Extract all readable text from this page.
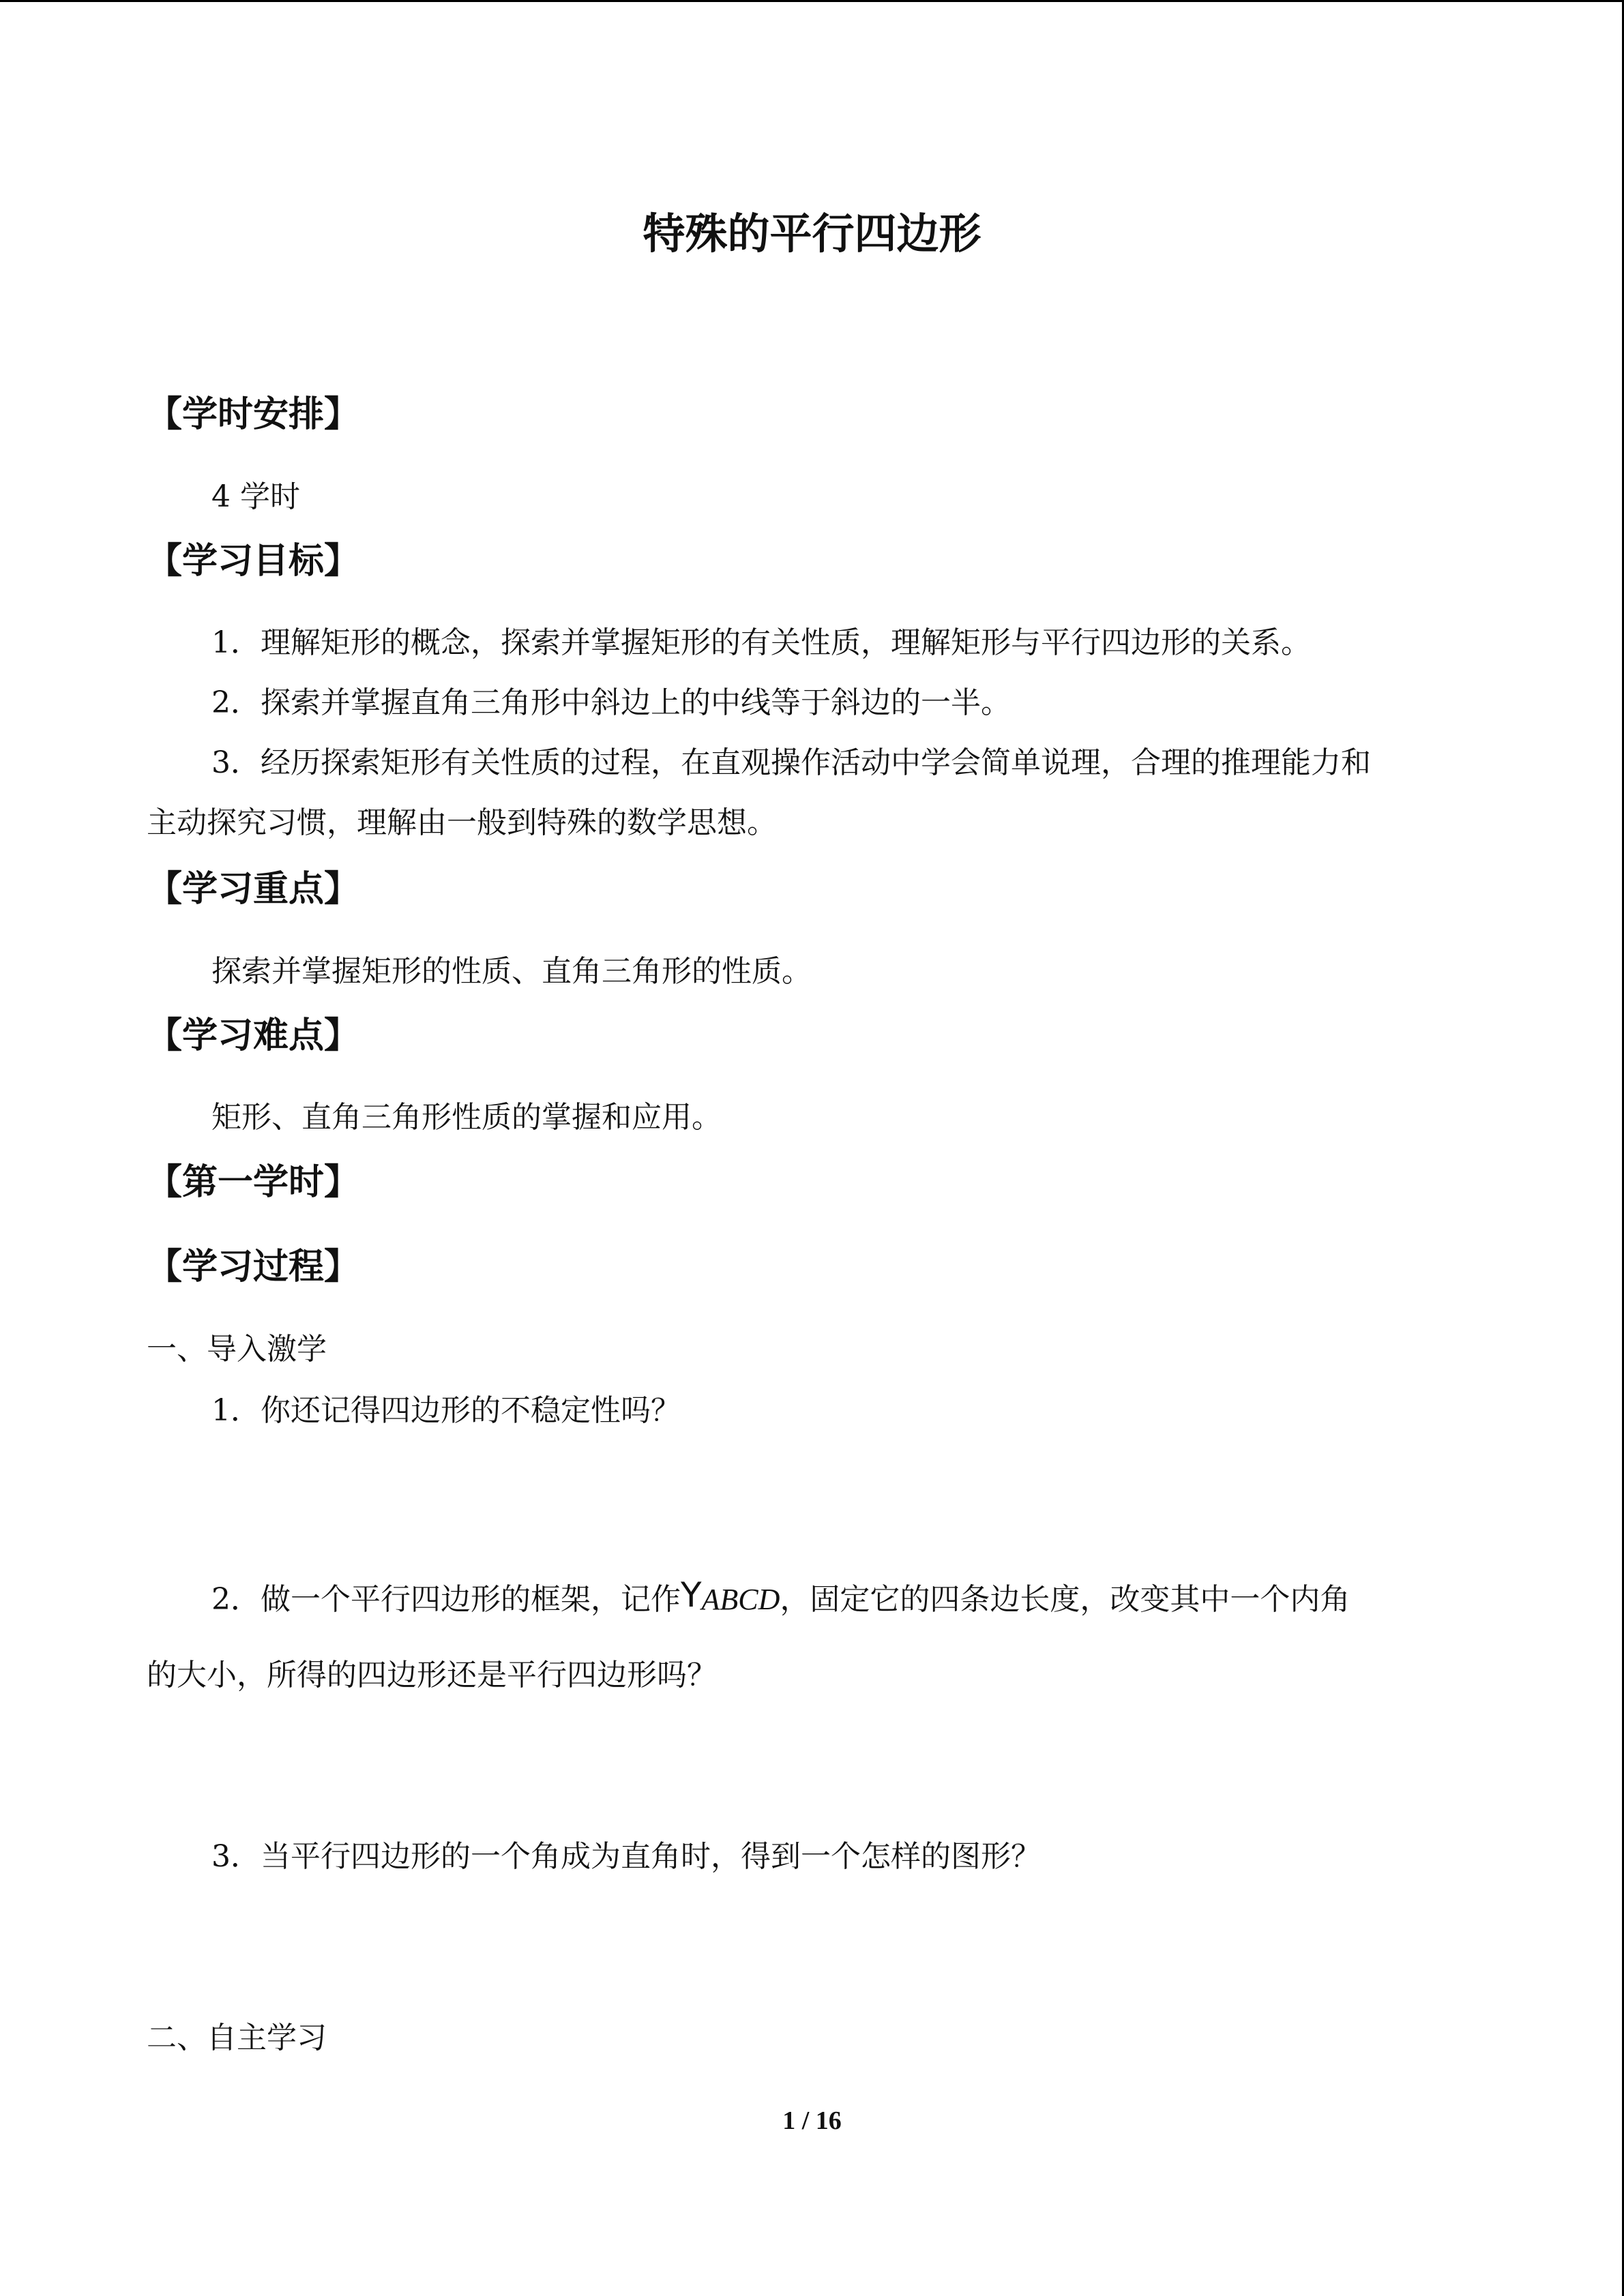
特殊的平行四边形
【学时安排】
4 学时
【学习目标】
1．理解矩形的概念，探索并掌握矩形的有关性质，理解矩形与平行四边形的关系。
2．探索并掌握直角三角形中斜边上的中线等于斜边的一半。
3．经历探索矩形有关性质的过程，在直观操作活动中学会简单说理，合理的推理能力和
主动探究习惯，理解由一般到特殊的数学思想。
【学习重点】
探索并掌握矩形的性质、直角三角形的性质。
【学习难点】
矩形、直角三角形性质的掌握和应用。
【第一学时】
【学习过程】
一、导入激学
1．你还记得四边形的不稳定性吗？
2．做一个平行四边形的框架，记作YABCD，固定它的四条边长度，改变其中一个内角
的大小，所得的四边形还是平行四边形吗？
3．当平行四边形的一个角成为直角时，得到一个怎样的图形？
二、自主学习
1 / 16
